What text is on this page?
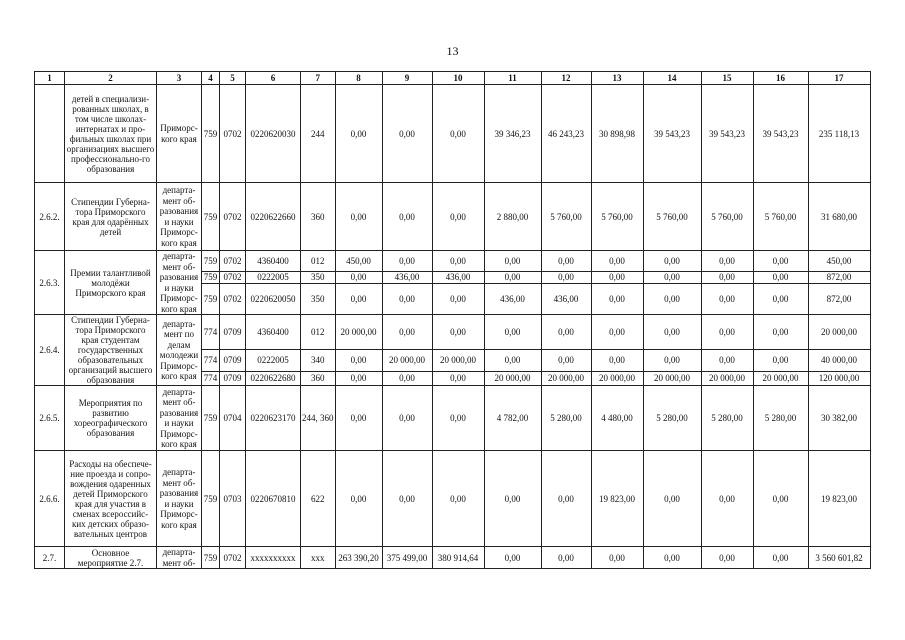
13
1	2	3	4	5	6	7	8	9	10	11	12	13	14	15	16	17
	детей в специализи-рованных школах, в том числе школах-интернатах и про-фильных школах при организациях высшего профессионально-го образования	Приморс-кого края	759	0702	0220620030	244	0,00	0,00	0,00	39 346,23	46 243,23	30 898,98	39 543,23	39 543,23	39 543,23	235 118,13
2.6.2.	Стипендии Губерна-тора Приморского края для одарённых детей	департа-мент об-разования и науки Приморс-кого края	759	0702	0220622660	360	0,00	0,00	0,00	2 880,00	5 760,00	5 760,00	5 760,00	5 760,00	5 760,00	31 680,00
2.6.3.	Премии талантливой молодёжи Приморского края	департа-мент об-разования и науки Приморс-кого края	759	0702	4360400	012	450,00	0,00	0,00	0,00	0,00	0,00	0,00	0,00	0,00	450,00
			759	0702	0222005	350	0,00	436,00	436,00	0,00	0,00	0,00	0,00	0,00	0,00	872,00
			759	0702	0220620050	350	0,00	0,00	0,00	436,00	436,00	0,00	0,00	0,00	0,00	872,00
2.6.4.	Стипендии Губерна-тора Приморского края студентам государственных образовательных организаций высшего образования	департа-мент по делам молодежи Приморс-кого края	774	0709	4360400	012	20 000,00	0,00	0,00	0,00	0,00	0,00	0,00	0,00	0,00	20 000,00
			774	0709	0222005	340	0,00	20 000,00	20 000,00	0,00	0,00	0,00	0,00	0,00	0,00	40 000,00
			774	0709	0220622680	360	0,00	0,00	0,00	20 000,00	20 000,00	20 000,00	20 000,00	20 000,00	20 000,00	120 000,00
2.6.5.	Мероприятия по развитию хореографического образования	департа-мент об-разования и науки Приморс-кого края	759	0704	0220623170	244, 360	0,00	0,00	0,00	4 782,00	5 280,00	4 480,00	5 280,00	5 280,00	5 280,00	30 382,00
2.6.6.	Расходы на обеспече-ние проезда и сопро-вождения одаренных детей Приморского края для участия в сменах всероссийс-ких детских образо-вательных центров	департа-мент об-разования и науки Приморс-кого края	759	0703	0220670810	622	0,00	0,00	0,00	0,00	0,00	19 823,00	0,00	0,00	0,00	19 823,00
2.7.	Основное мероприятие 2.7.	департа-мент об-	759	0702	xxxxxxxxxx	xxx	263 390,20	375 499,00	380 914,64	0,00	0,00	0,00	0,00	0,00	0,00	3 560 601,82
